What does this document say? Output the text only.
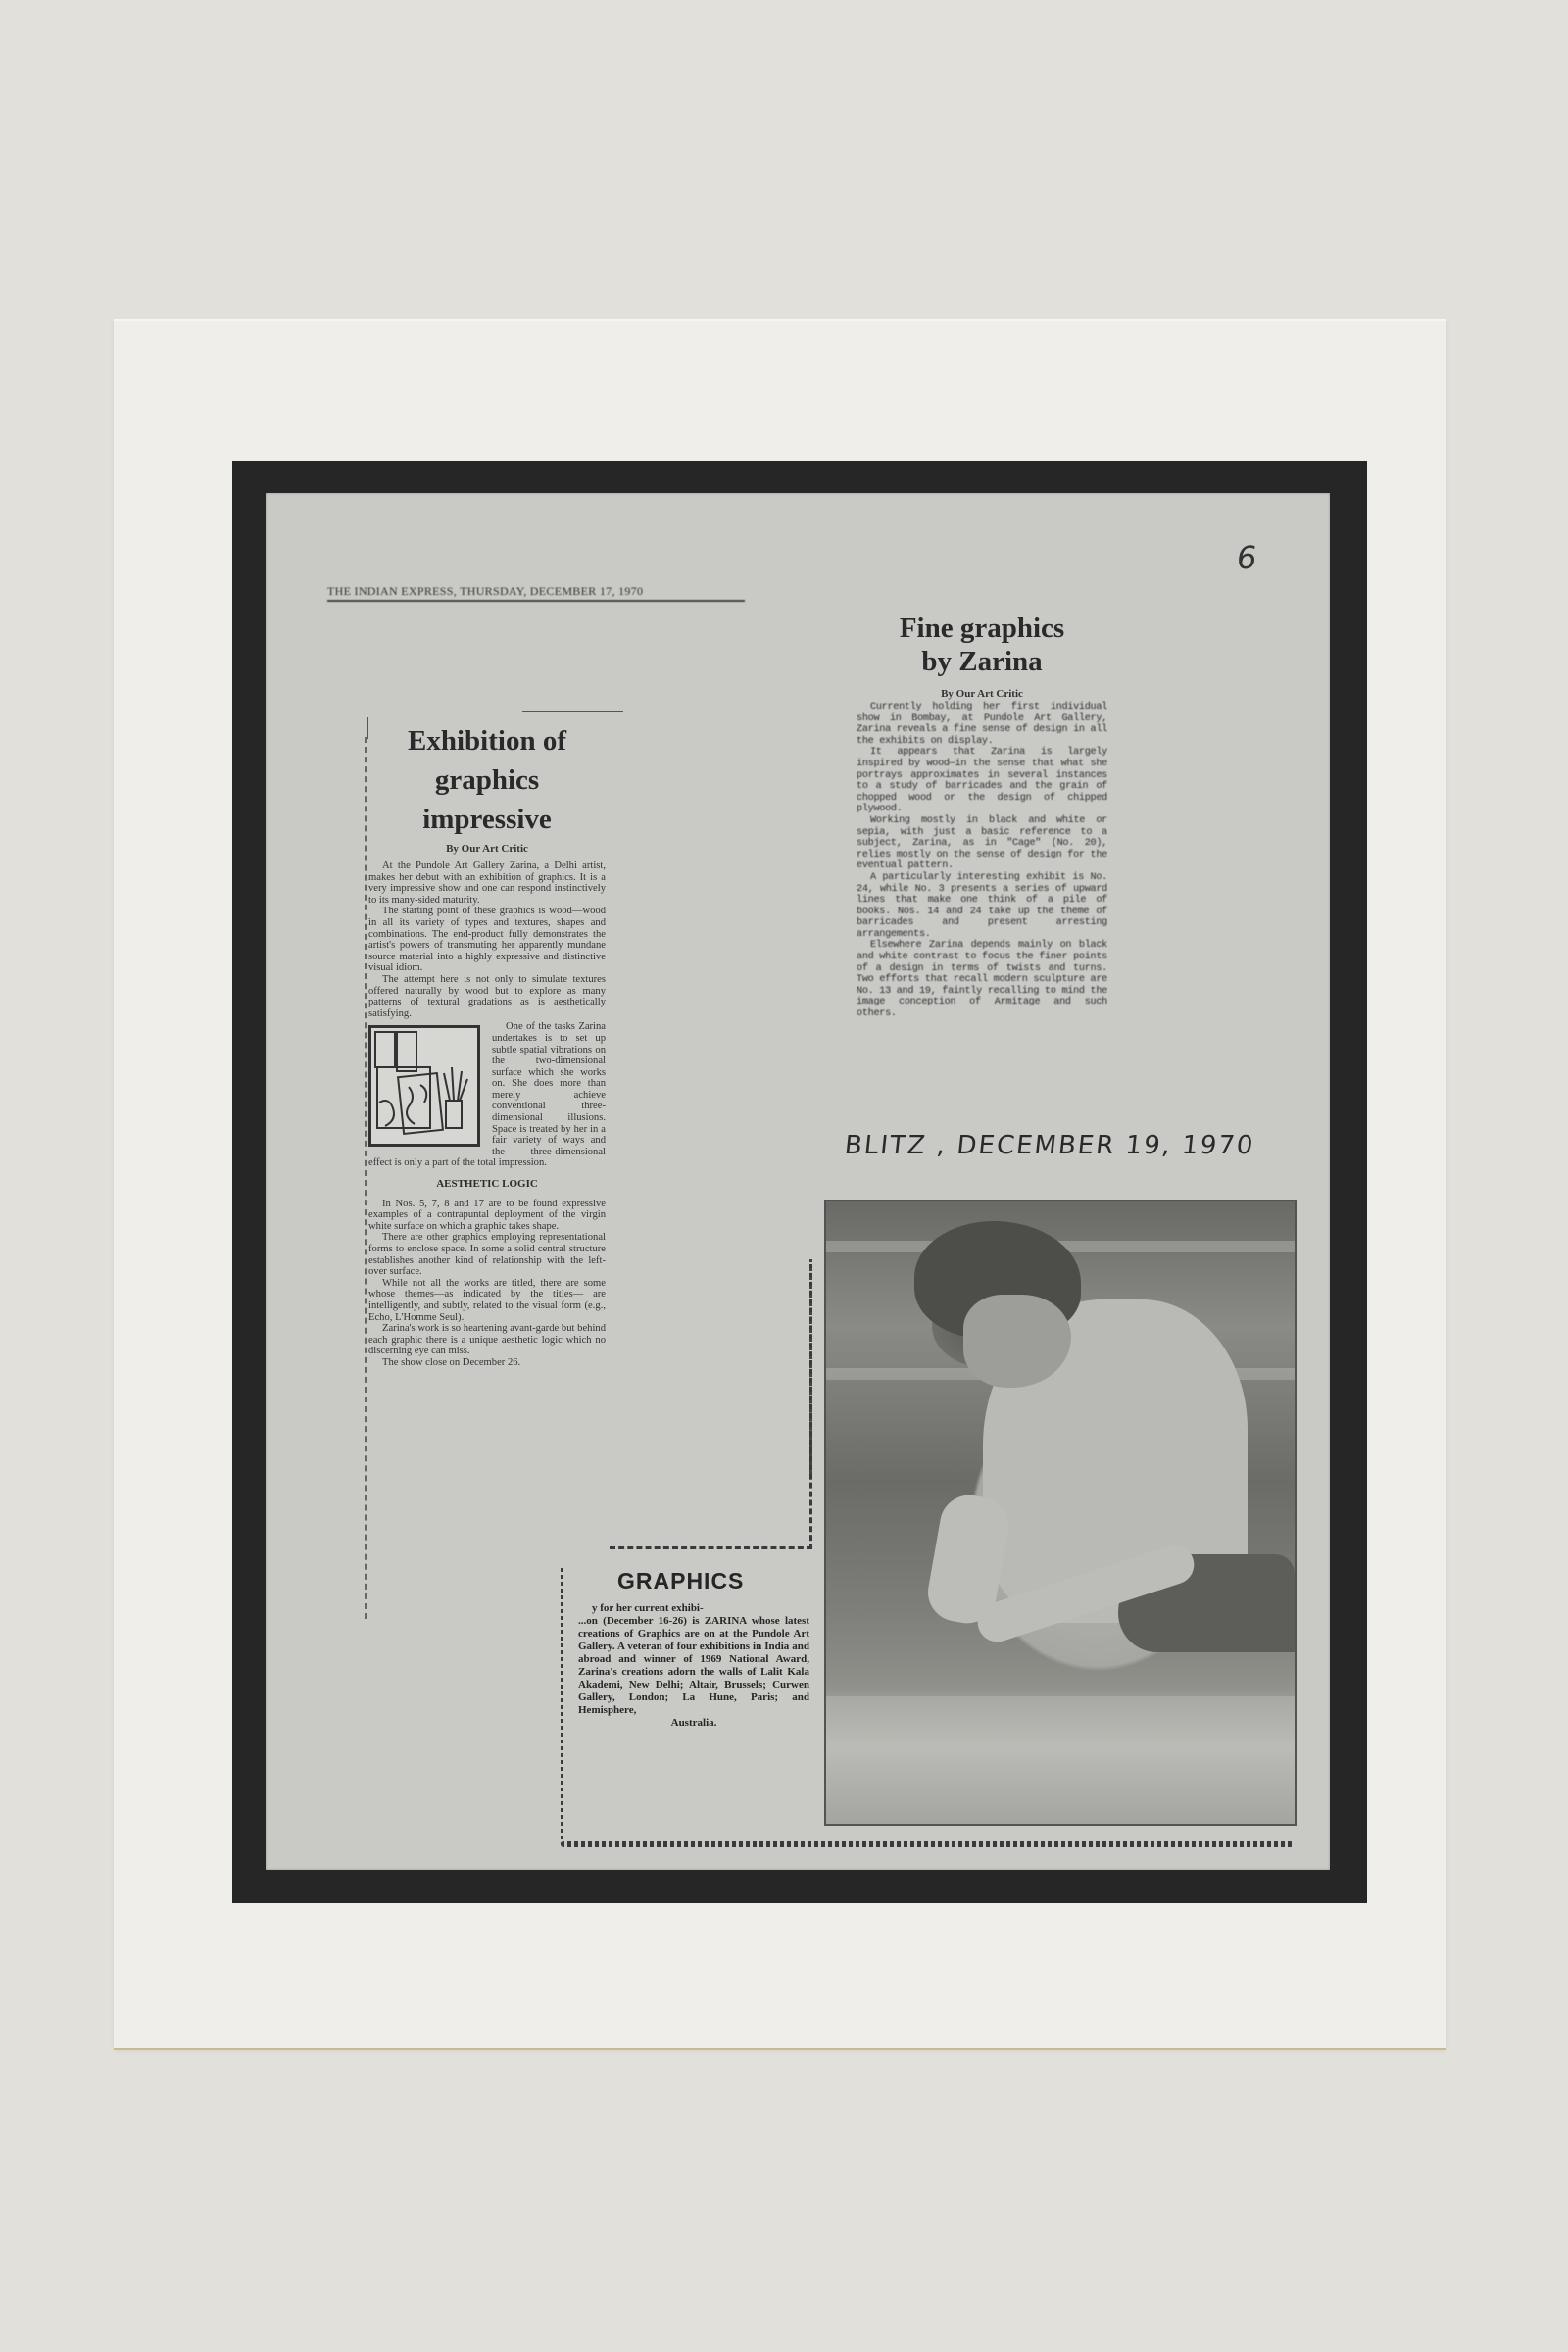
THE INDIAN EXPRESS, THURSDAY, DECEMBER 17, 1970
6
Exhibition of
graphics
impressive
By Our Art Critic

At the Pundole Art Gallery Zarina, a Delhi artist, makes her debut with an exhibition of graphics. It is a very impressive show and one can respond instinctively to its many-sided maturity.

The starting point of these graphics is wood—wood in all its variety of types and textures, shapes and combinations. The end-product fully demonstrates the artist's powers of transmuting her apparently mundane source material into a highly expressive and distinctive visual idiom.

The attempt here is not only to simulate textures offered naturally by wood but to explore as many patterns of textural gradations as is aesthetically satisfying.

One of the tasks Zarina undertakes is to set up subtle spatial vibrations on the two-dimensional surface which she works on. She does more than merely achieve conventional three-dimensional illusions. Space is treated by her in a fair variety of ways and the three-dimensional effect is only a part of the total impression.

AESTHETIC LOGIC

In Nos. 5, 7, 8 and 17 are to be found expressive examples of a contrapuntal deployment of the virgin white surface on which a graphic takes shape.

There are other graphics employing representational forms to enclose space. In some a solid central structure establishes another kind of relationship with the left-over surface.

While not all the works are titled, there are some whose themes—as indicated by the titles— are intelligently, and subtly, related to the visual form (e.g., Echo, L'Homme Seul).

Zarina's work is so heartening avant-garde but behind each graphic there is a unique aesthetic logic which no discerning eye can miss.

The show close on December 26.

Fine graphics
by Zarina
By Our Art Critic

Currently holding her first individual show in Bombay, at Pundole Art Gallery, Zarina reveals a fine sense of design in all the exhibits on display.

It appears that Zarina is largely inspired by wood—in the sense that what she portrays approximates in several instances to a study of barricades and the grain of chopped wood or the design of chipped plywood.

Working mostly in black and white or sepia, with just a basic reference to a subject, Zarina, as in "Cage" (No. 20), relies mostly on the sense of design for the eventual pattern.

A particularly interesting exhibit is No. 24, while No. 3 presents a series of upward lines that make one think of a pile of books. Nos. 14 and 24 take up the theme of barricades and present arresting arrangements.

Elsewhere Zarina depends mainly on black and white contrast to focus the finer points of a design in terms of twists and turns. Two efforts that recall modern sculpture are No. 13 and 19, faintly recalling to mind the image conception of Armitage and such others.

BLITZ , DECEMBER 19, 1970
GRAPHICS

y for her current exhibi-

...on (December 16-26) is ZARINA whose latest creations of Graphics are on at the Pundole Art Gallery. A veteran of four exhibitions in India and abroad and winner of 1969 National Award, Zarina's creations adorn the walls of Lalit Kala Akademi, New Delhi; Altair, Brussels; Curwen Gallery, London; La Hune, Paris; and Hemisphere,

Australia.
